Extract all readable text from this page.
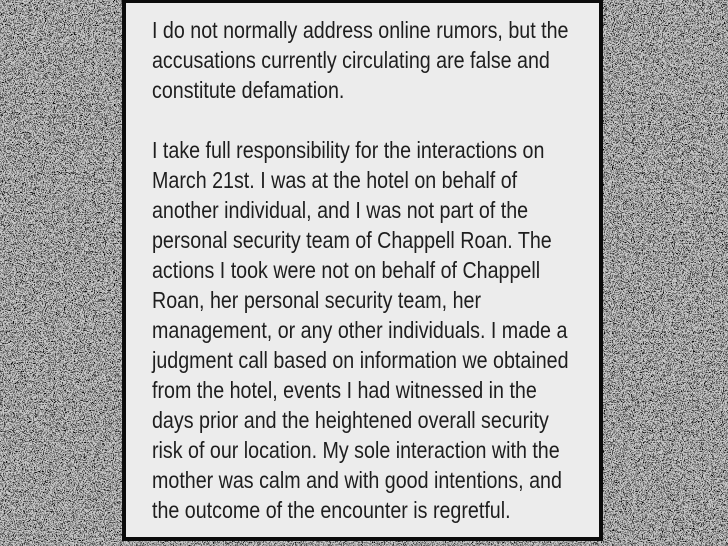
I do not normally address online rumors, but the
accusations currently circulating are false and
constitute defamation.
I take full responsibility for the interactions on
March 21st. I was at the hotel on behalf of
another individual, and I was not part of the
personal security team of Chappell Roan. The
actions I took were not on behalf of Chappell
Roan, her personal security team, her
management, or any other individuals. I made a
judgment call based on information we obtained
from the hotel, events I had witnessed in the
days prior and the heightened overall security
risk of our location. My sole interaction with the
mother was calm and with good intentions, and
the outcome of the encounter is regretful.
